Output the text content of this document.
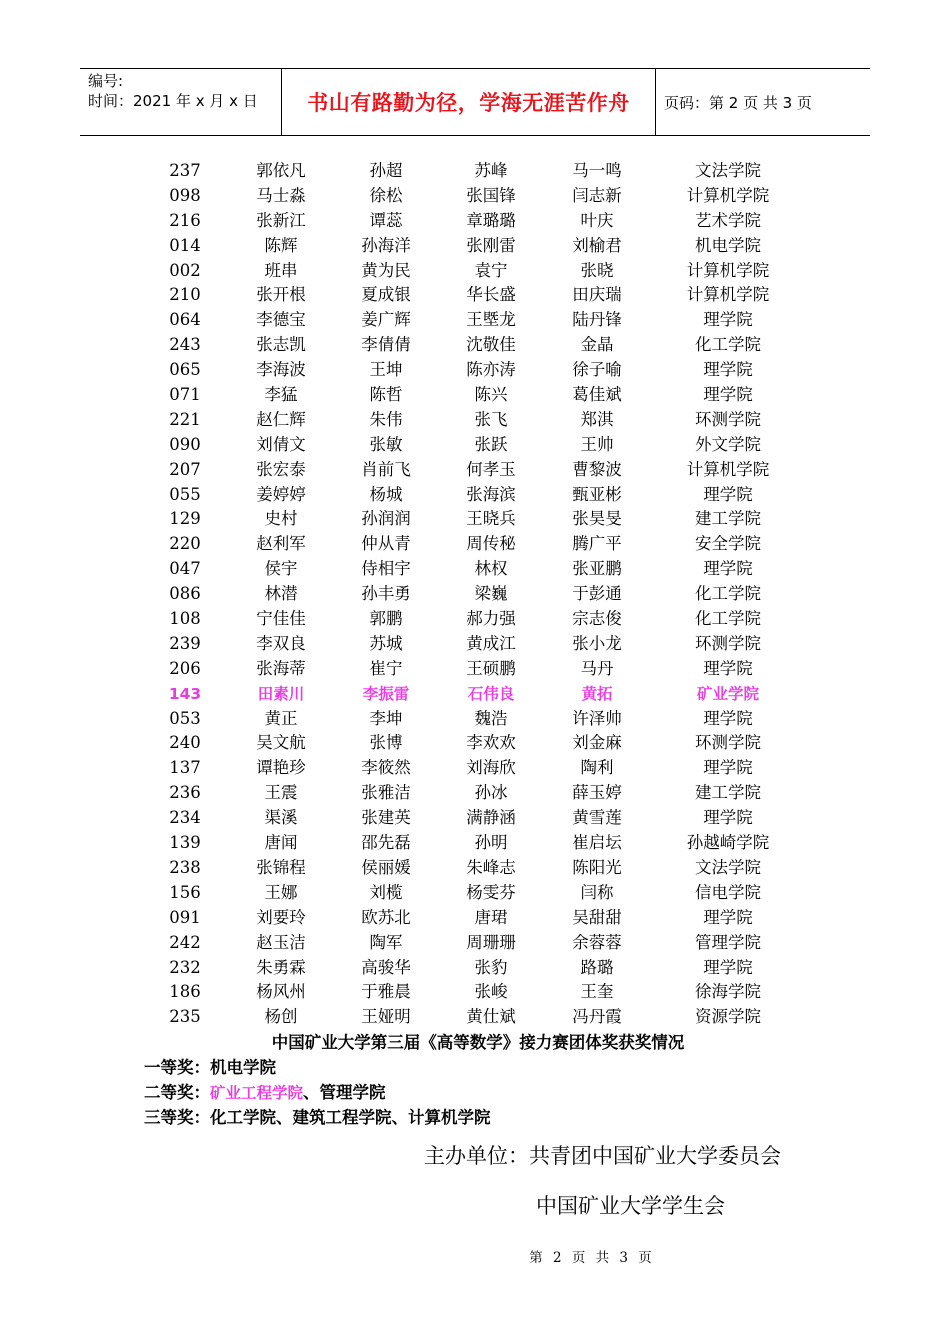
编号:
时间：2021 年 x 月 x 日	书山有路勤为径，学海无涯苦作舟	页码：第 2 页 共 3 页
237	郭依凡	孙超	苏峰	马一鸣	文法学院
098	马士淼	徐松	张国锋	闫志新	计算机学院
216	张新江	谭蕊	章璐璐	叶庆	艺术学院
014	陈辉	孙海洋	张刚雷	刘榆君	机电学院
002	班串	黄为民	袁宁	张晓	计算机学院
210	张开根	夏成银	华长盛	田庆瑞	计算机学院
064	李德宝	姜广辉	王塈龙	陆丹锋	理学院
243	张志凯	李倩倩	沈敬佳	金晶	化工学院
065	李海波	王坤	陈亦涛	徐子喻	理学院
071	李猛	陈哲	陈兴	葛佳斌	理学院
221	赵仁辉	朱伟	张飞	郑淇	环测学院
090	刘倩文	张敏	张跃	王帅	外文学院
207	张宏泰	肖前飞	何孝玉	曹黎波	计算机学院
055	姜婷婷	杨城	张海滨	甄亚彬	理学院
129	史村	孙润润	王晓兵	张昊旻	建工学院
220	赵利军	仲从青	周传秘	腾广平	安全学院
047	侯宇	侍相宇	林权	张亚鹏	理学院
086	林潜	孙丰勇	梁巍	于彭通	化工学院
108	宁佳佳	郭鹏	郝力强	宗志俊	化工学院
239	李双良	苏城	黄成江	张小龙	环测学院
206	张海蒂	崔宁	王硕鹏	马丹	理学院
143	田素川	李振雷	石伟良	黄拓	矿业学院
053	黄正	李坤	魏浩	许泽帅	理学院
240	吴文航	张博	李欢欢	刘金麻	环测学院
137	谭艳珍	李筱然	刘海欣	陶利	理学院
236	王震	张雅洁	孙冰	薛玉婷	建工学院
234	渠溪	张建英	满静涵	黄雪莲	理学院
139	唐闻	邵先磊	孙明	崔启坛	孙越崎学院
238	张锦程	侯丽媛	朱峰志	陈阳光	文法学院
156	王娜	刘榄	杨雯芬	闫称	信电学院
091	刘要玲	欧苏北	唐珺	吴甜甜	理学院
242	赵玉洁	陶军	周珊珊	余蓉蓉	管理学院
232	朱勇霖	高骏华	张豹	路璐	理学院
186	杨风州	于雅晨	张峻	王奎	徐海学院
235	杨创	王娅明	黄仕斌	冯丹霞	资源学院
中国矿业大学第三届《高等数学》接力赛团体奖获奖情况
一等奖：机电学院
二等奖：矿业工程学院、管理学院
三等奖：化工学院、建筑工程学院、计算机学院
主办单位：共青团中国矿业大学委员会
中国矿业大学学生会
第 2 页 共 3 页
